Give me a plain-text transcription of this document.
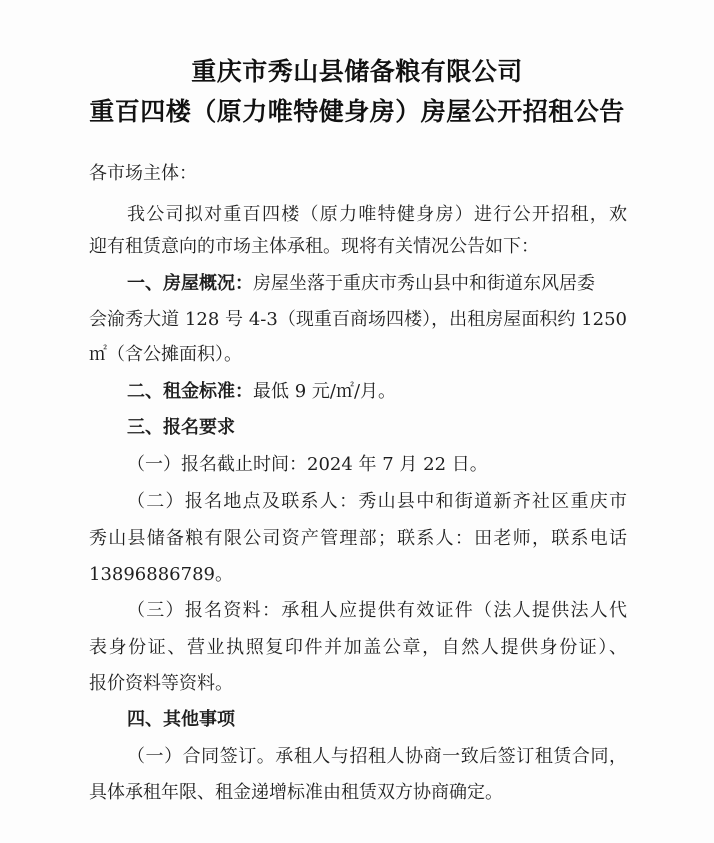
重庆市秀山县储备粮有限公司
重百四楼（原力唯特健身房）房屋公开招租公告
各市场主体：
我公司拟对重百四楼（原力唯特健身房）进行公开招租，欢
迎有租赁意向的市场主体承租。现将有关情况公告如下：
一、房屋概况：房屋坐落于重庆市秀山县中和街道东风居委
会渝秀大道 128 号 4-3（现重百商场四楼），出租房屋面积约 1250
㎡（含公摊面积）。
二、租金标准：最低 9 元/㎡/月。
三、报名要求
（一）报名截止时间：2024 年 7 月 22 日。
（二）报名地点及联系人：秀山县中和街道新齐社区重庆市
秀山县储备粮有限公司资产管理部；联系人：田老师，联系电话
13896886789。
（三）报名资料：承租人应提供有效证件（法人提供法人代
表身份证、营业执照复印件并加盖公章，自然人提供身份证）、
报价资料等资料。
四、其他事项
（一）合同签订。承租人与招租人协商一致后签订租赁合同，
具体承租年限、租金递增标准由租赁双方协商确定。
